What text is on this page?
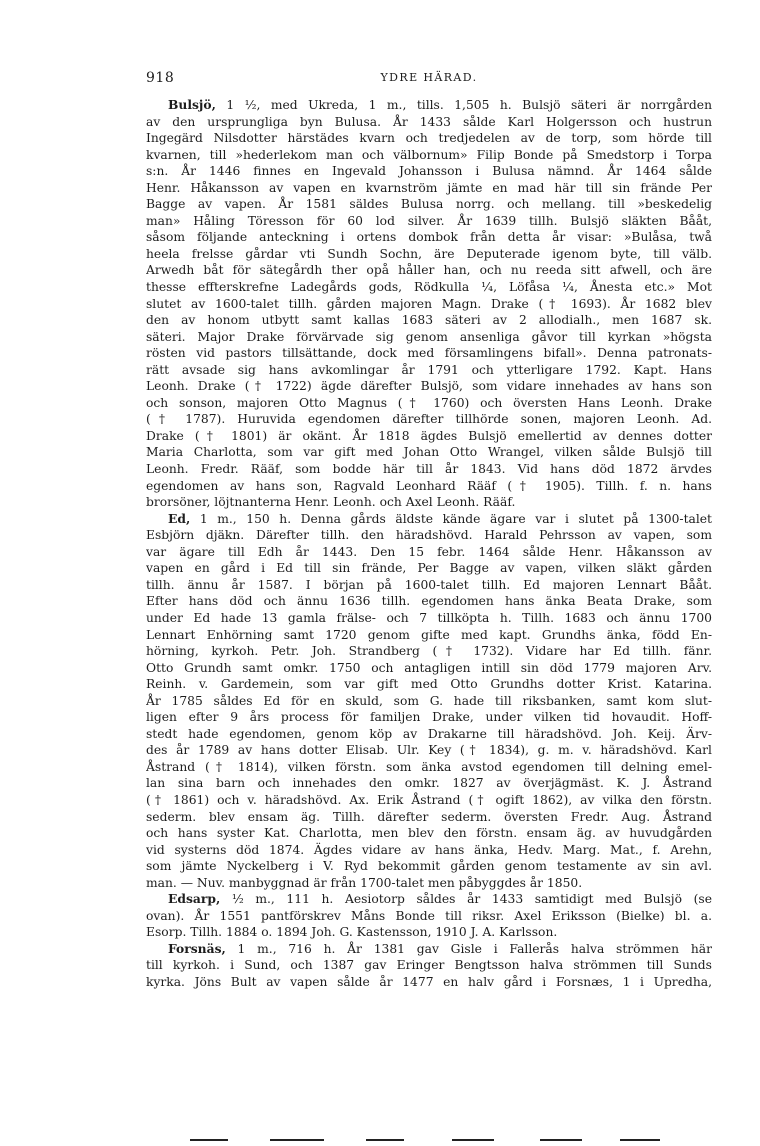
918	YDRE HÄRAD.
Bulsjö, 1 ½, med Ukreda, 1 m., tills. 1,505 h. Bulsjö säteri är norrgården
av den ursprungliga byn Bulusa. År 1433 sålde Karl Holgersson och hustrun
Ingegärd Nilsdotter härstädes kvarn och tredjedelen av de torp, som hörde till
kvarnen, till »hederlekom man och välbornum» Filip Bonde på Smedstorp i Torpa
s:n. År 1446 finnes en Ingevald Johansson i Bulusa nämnd. År 1464 sålde
Henr. Håkansson av vapen en kvarnström jämte en mad här till sin frände Per
Bagge av vapen. År 1581 säldes Bulusa norrg. och mellang. till »beskedelig
man» Håling Töresson för 60 lod silver. År 1639 tillh. Bulsjö släkten Bååt,
såsom följande anteckning i ortens dombok från detta år visar: »Bulåsa, twå
heela frelsse gårdar vti Sundh Sochn, äre Deputerade igenom byte, till välb.
Arwedh båt för sätegårdh ther opå håller han, och nu reeda sitt afwell, och äre
thesse effterskrefne Ladegårds gods, Rödkulla ¼, Löfåsa ¼, Ånesta etc.» Mot
slutet av 1600-talet tillh. gården majoren Magn. Drake († 1693). År 1682 blev
den av honom utbytt samt kallas 1683 säteri av 2 allodialh., men 1687 sk.
säteri. Major Drake förvärvade sig genom ansenliga gåvor till kyrkan »högsta
rösten vid pastors tillsättande, dock med församlingens bifall». Denna patronats-
rätt avsade sig hans avkomlingar år 1791 och ytterligare 1792. Kapt. Hans
Leonh. Drake († 1722) ägde därefter Bulsjö, som vidare innehades av hans son
och sonson, majoren Otto Magnus († 1760) och översten Hans Leonh. Drake
(† 1787). Huruvida egendomen därefter tillhörde sonen, majoren Leonh. Ad.
Drake († 1801) är okänt. År 1818 ägdes Bulsjö emellertid av dennes dotter
Maria Charlotta, som var gift med Johan Otto Wrangel, vilken sålde Bulsjö till
Leonh. Fredr. Rääf, som bodde här till år 1843. Vid hans död 1872 ärvdes
egendomen av hans son, Ragvald Leonhard Rääf († 1905). Tillh. f. n. hans
brorsöner, löjtnanterna Henr. Leonh. och Axel Leonh. Rääf.
Ed, 1 m., 150 h. Denna gårds äldste kände ägare var i slutet på 1300-talet
Esbjörn djäkn. Därefter tillh. den häradshövd. Harald Pehrsson av vapen, som
var ägare till Edh år 1443. Den 15 febr. 1464 sålde Henr. Håkansson av
vapen en gård i Ed till sin frände, Per Bagge av vapen, vilken släkt gården
tillh. ännu år 1587. I början på 1600-talet tillh. Ed majoren Lennart Bååt.
Efter hans död och ännu 1636 tillh. egendomen hans änka Beata Drake, som
under Ed hade 13 gamla frälse- och 7 tillköpta h. Tillh. 1683 och ännu 1700
Lennart Enhörning samt 1720 genom gifte med kapt. Grundhs änka, född En-
hörning, kyrkoh. Petr. Joh. Strandberg († 1732). Vidare har Ed tillh. fänr.
Otto Grundh samt omkr. 1750 och antagligen intill sin död 1779 majoren Arv.
Reinh. v. Gardemein, som var gift med Otto Grundhs dotter Krist. Katarina.
År 1785 såldes Ed för en skuld, som G. hade till riksbanken, samt kom slut-
ligen efter 9 års process för familjen Drake, under vilken tid hovaudit. Hoff-
stedt hade egendomen, genom köp av Drakarne till häradshövd. Joh. Keij. Ärv-
des år 1789 av hans dotter Elisab. Ulr. Key († 1834), g. m. v. häradshövd. Karl
Åstrand († 1814), vilken förstn. som änka avstod egendomen till delning emel-
lan sina barn och innehades den omkr. 1827 av överjägmäst. K. J. Åstrand
(† 1861) och v. häradshövd. Ax. Erik Åstrand († ogift 1862), av vilka den förstn.
sederm. blev ensam äg. Tillh. därefter sederm. översten Fredr. Aug. Åstrand
och hans syster Kat. Charlotta, men blev den förstn. ensam äg. av huvudgården
vid systerns död 1874. Ägdes vidare av hans änka, Hedv. Marg. Mat., f. Arehn,
som jämte Nyckelberg i V. Ryd bekommit gården genom testamente av sin avl.
man. — Nuv. manbyggnad är från 1700-talet men påbyggdes år 1850.
Edsarp, ½ m., 111 h. Aesiotorp såldes år 1433 samtidigt med Bulsjö (se
ovan). År 1551 pantförskrev Måns Bonde till riksr. Axel Eriksson (Bielke) bl. a.
Esorp. Tillh. 1884 o. 1894 Joh. G. Kastensson, 1910 J. A. Karlsson.
Forsnäs, 1 m., 716 h. År 1381 gav Gisle i Fallerås halva strömmen här
till kyrkoh. i Sund, och 1387 gav Eringer Bengtsson halva strömmen till Sunds
kyrka. Jöns Bult av vapen sålde år 1477 en halv gård i Forsnæs, 1 i Upredha,
